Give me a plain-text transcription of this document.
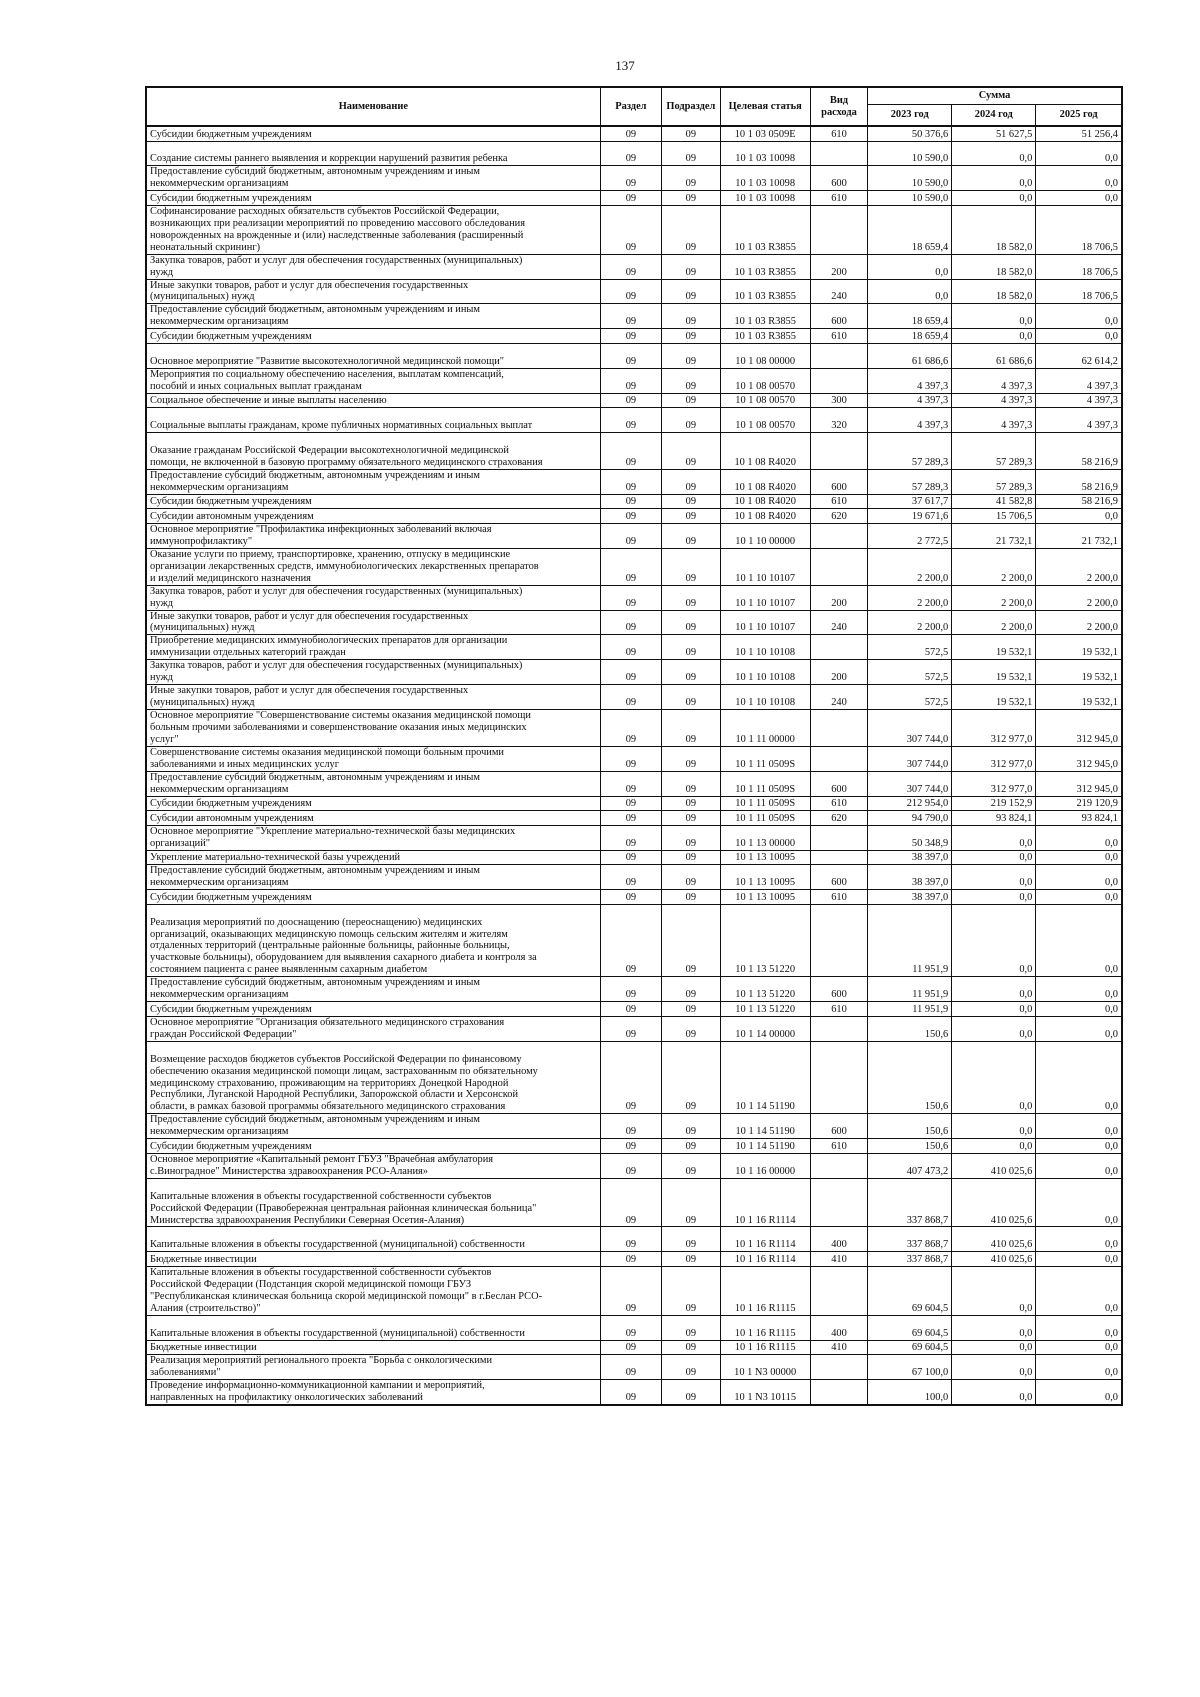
137
Наименование	Раздел	Подраздел	Целевая статья	Вид расхода	Сумма		
					2023 год	2024 год	2025 год
Субсидии бюджетным учреждениям	09	09	10 1 03 0509E	610	50 376,6	51 627,5	51 256,4

Создание системы раннего выявления и коррекции нарушений развития ребенка	09	09	10 1 03 10098		10 590,0	0,0	0,0
Предоставление субсидий бюджетным, автономным учреждениям и иным
некоммерческим организациям	09	09	10 1 03 10098	600	10 590,0	0,0	0,0
Субсидии бюджетным учреждениям	09	09	10 1 03 10098	610	10 590,0	0,0	0,0
Софинансирование расходных обязательств субъектов Российской Федерации,
возникающих при реализации мероприятий по проведению массового обследования
новорожденных на врожденные и (или) наследственные заболевания (расширенный
неонатальный скрининг)	09	09	10 1 03 R3855		18 659,4	18 582,0	18 706,5
Закупка товаров, работ и услуг для обеспечения государственных (муниципальных)
нужд	09	09	10 1 03 R3855	200	0,0	18 582,0	18 706,5
Иные закупки товаров, работ и услуг для обеспечения государственных
(муниципальных) нужд	09	09	10 1 03 R3855	240	0,0	18 582,0	18 706,5
Предоставление субсидий бюджетным, автономным учреждениям и иным
некоммерческим организациям	09	09	10 1 03 R3855	600	18 659,4	0,0	0,0
Субсидии бюджетным учреждениям	09	09	10 1 03 R3855	610	18 659,4	0,0	0,0

Основное мероприятие "Развитие высокотехнологичной медицинской помощи"	09	09	10 1 08 00000		61 686,6	61 686,6	62 614,2
Мероприятия по социальному обеспечению населения, выплатам компенсаций,
пособий и иных социальных выплат гражданам	09	09	10 1 08 00570		4 397,3	4 397,3	4 397,3
Социальное обеспечение и иные выплаты населению	09	09	10 1 08 00570	300	4 397,3	4 397,3	4 397,3

Социальные выплаты гражданам, кроме публичных нормативных социальных выплат	09	09	10 1 08 00570	320	4 397,3	4 397,3	4 397,3

Оказание гражданам Российской Федерации высокотехнологичной медицинской
помощи, не включенной в базовую программу обязательного медицинского страхования	09	09	10 1 08 R4020		57 289,3	57 289,3	58 216,9
Предоставление субсидий бюджетным, автономным учреждениям и иным
некоммерческим организациям	09	09	10 1 08 R4020	600	57 289,3	57 289,3	58 216,9
Субсидии бюджетным учреждениям	09	09	10 1 08 R4020	610	37 617,7	41 582,8	58 216,9
Субсидии автономным учреждениям	09	09	10 1 08 R4020	620	19 671,6	15 706,5	0,0
Основное мероприятие "Профилактика инфекционных заболеваний включая
иммунопрофилактику"	09	09	10 1 10 00000		2 772,5	21 732,1	21 732,1
Оказание услуги по приему, транспортировке, хранению, отпуску в медицинские
организации лекарственных средств, иммунобиологических лекарственных препаратов
и изделий медицинского назначения	09	09	10 1 10 10107		2 200,0	2 200,0	2 200,0
Закупка товаров, работ и услуг для обеспечения государственных (муниципальных)
нужд	09	09	10 1 10 10107	200	2 200,0	2 200,0	2 200,0
Иные закупки товаров, работ и услуг для обеспечения государственных
(муниципальных) нужд	09	09	10 1 10 10107	240	2 200,0	2 200,0	2 200,0
Приобретение медицинских иммунобиологических препаратов для организации
иммунизации отдельных категорий граждан	09	09	10 1 10 10108		572,5	19 532,1	19 532,1
Закупка товаров, работ и услуг для обеспечения государственных (муниципальных)
нужд	09	09	10 1 10 10108	200	572,5	19 532,1	19 532,1
Иные закупки товаров, работ и услуг для обеспечения государственных
(муниципальных) нужд	09	09	10 1 10 10108	240	572,5	19 532,1	19 532,1
Основное мероприятие "Совершенствование системы оказания медицинской помощи
больным прочими заболеваниями и совершенствование оказания иных медицинских
услуг"	09	09	10 1 11 00000		307 744,0	312 977,0	312 945,0
Совершенствование системы оказания медицинской помощи больным прочими
заболеваниями и иных медицинских услуг	09	09	10 1 11 0509S		307 744,0	312 977,0	312 945,0
Предоставление субсидий бюджетным, автономным учреждениям и иным
некоммерческим организациям	09	09	10 1 11 0509S	600	307 744,0	312 977,0	312 945,0
Субсидии бюджетным учреждениям	09	09	10 1 11 0509S	610	212 954,0	219 152,9	219 120,9
Субсидии автономным учреждениям	09	09	10 1 11 0509S	620	94 790,0	93 824,1	93 824,1
Основное мероприятие "Укрепление материально-технической базы медицинских
организаций"	09	09	10 1 13 00000		50 348,9	0,0	0,0
Укрепление материально-технической базы учреждений	09	09	10 1 13 10095		38 397,0	0,0	0,0
Предоставление субсидий бюджетным, автономным учреждениям и иным
некоммерческим организациям	09	09	10 1 13 10095	600	38 397,0	0,0	0,0
Субсидии бюджетным учреждениям	09	09	10 1 13 10095	610	38 397,0	0,0	0,0

Реализация мероприятий по дооснащению (переоснащению) медицинских
организаций, оказывающих медицинскую помощь сельским жителям и жителям
отдаленных территорий (центральные районные больницы, районные больницы,
участковые больницы), оборудованием для выявления сахарного диабета и контроля за
состоянием пациента с ранее выявленным сахарным диабетом	09	09	10 1 13 51220		11 951,9	0,0	0,0
Предоставление субсидий бюджетным, автономным учреждениям и иным
некоммерческим организациям	09	09	10 1 13 51220	600	11 951,9	0,0	0,0
Субсидии бюджетным учреждениям	09	09	10 1 13 51220	610	11 951,9	0,0	0,0
Основное мероприятие "Организация обязательного медицинского страхования
граждан Российской Федерации"	09	09	10 1 14 00000		150,6	0,0	0,0

Возмещение расходов бюджетов субъектов Российской Федерации по финансовому
обеспечению оказания медицинской помощи лицам, застрахованным по обязательному
медицинскому страхованию, проживающим на территориях Донецкой Народной
Республики, Луганской Народной Республики, Запорожской области и Херсонской
области, в рамках базовой программы обязательного медицинского страхования	09	09	10 1 14 51190		150,6	0,0	0,0
Предоставление субсидий бюджетным, автономным учреждениям и иным
некоммерческим организациям	09	09	10 1 14 51190	600	150,6	0,0	0,0
Субсидии бюджетным учреждениям	09	09	10 1 14 51190	610	150,6	0,0	0,0
Основное мероприятие «Капитальный ремонт ГБУЗ "Врачебная амбулатория
с.Виноградное" Министерства здравоохранения РСО-Алания»	09	09	10 1 16 00000		407 473,2	410 025,6	0,0

Капитальные вложения в объекты государственной собственности субъектов
Российской Федерации (Правобережная центральная районная клиническая больница"
Министерства здравоохранения Республики Северная Осетия-Алания)	09	09	10 1 16 R1114		337 868,7	410 025,6	0,0

Капитальные вложения в объекты государственной (муниципальной) собственности	09	09	10 1 16 R1114	400	337 868,7	410 025,6	0,0
Бюджетные инвестиции	09	09	10 1 16 R1114	410	337 868,7	410 025,6	0,0
Капитальные вложения в объекты государственной собственности субъектов
Российской Федерации (Подстанция скорой медицинской помощи ГБУЗ
"Республиканская клиническая больница скорой медицинской помощи" в г.Беслан РСО-
Алания (строительство)"	09	09	10 1 16 R1115		69 604,5	0,0	0,0

Капитальные вложения в объекты государственной (муниципальной) собственности	09	09	10 1 16 R1115	400	69 604,5	0,0	0,0
Бюджетные инвестиции	09	09	10 1 16 R1115	410	69 604,5	0,0	0,0
Реализация мероприятий регионального проекта "Борьба с онкологическими
заболеваниями"	09	09	10 1 N3 00000		67 100,0	0,0	0,0
Проведение информационно-коммуникационной кампании и мероприятий,
направленных на профилактику онкологических заболеваний	09	09	10 1 N3 10115		100,0	0,0	0,0
